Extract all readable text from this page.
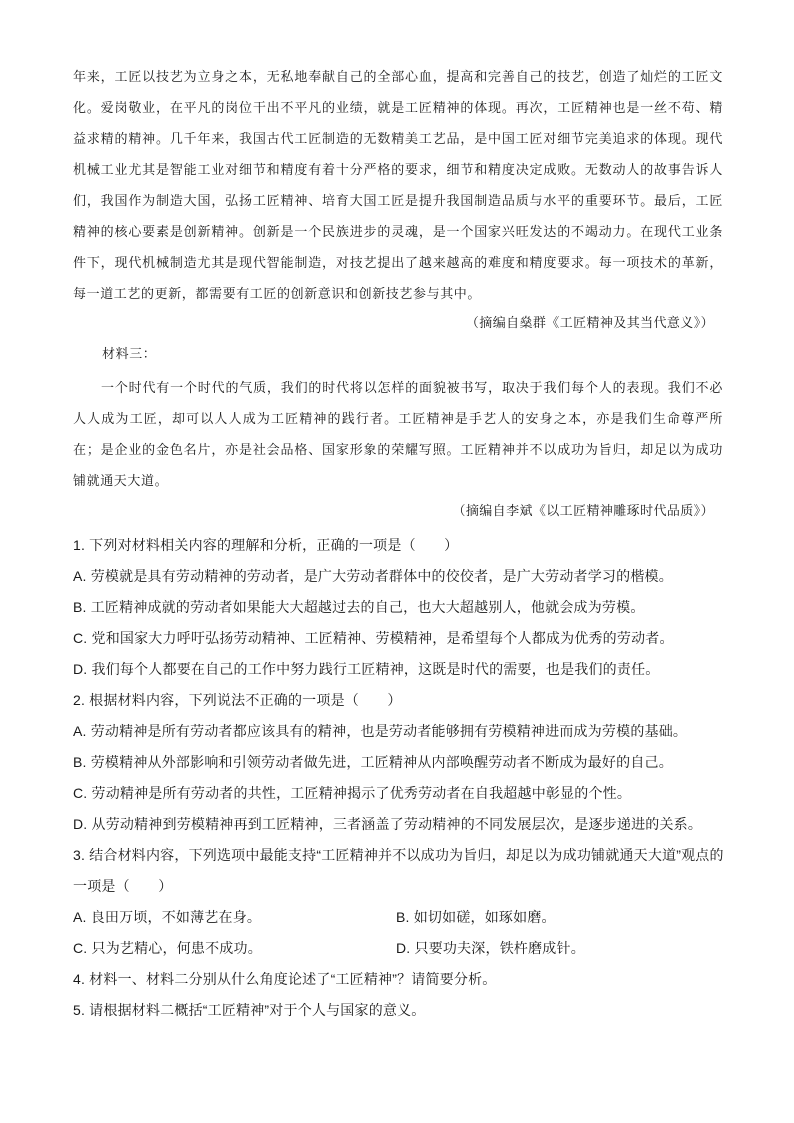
年来，工匠以技艺为立身之本，无私地奉献自己的全部心血，提高和完善自己的技艺，创造了灿烂的工匠文化。爱岗敬业，在平凡的岗位干出不平凡的业绩，就是工匠精神的体现。再次，工匠精神也是一丝不苟、精益求精的精神。几千年来，我国古代工匠制造的无数精美工艺品，是中国工匠对细节完美追求的体现。现代机械工业尤其是智能工业对细节和精度有着十分严格的要求，细节和精度决定成败。无数动人的故事告诉人们，我国作为制造大国，弘扬工匠精神、培育大国工匠是提升我国制造品质与水平的重要环节。最后，工匠精神的核心要素是创新精神。创新是一个民族进步的灵魂，是一个国家兴旺发达的不竭动力。在现代工业条件下，现代机械制造尤其是现代智能制造，对技艺提出了越来越高的难度和精度要求。每一项技术的革新，每一道工艺的更新，都需要有工匠的创新意识和创新技艺参与其中。

（摘编自燊群《工匠精神及其当代意义》）
材料三：

一个时代有一个时代的气质，我们的时代将以怎样的面貌被书写，取决于我们每个人的表现。我们不必人人成为工匠，却可以人人成为工匠精神的践行者。工匠精神是手艺人的安身之本，亦是我们生命尊严所在；是企业的金色名片，亦是社会品格、国家形象的荣耀写照。工匠精神并不以成功为旨归，却足以为成功铺就通天大道。

（摘编自李斌《以工匠精神雕琢时代品质》）
1. 下列对材料相关内容的理解和分析，正确的一项是（　　）
A. 劳模就是具有劳动精神的劳动者，是广大劳动者群体中的佼佼者，是广大劳动者学习的楷模。
B. 工匠精神成就的劳动者如果能大大超越过去的自己，也大大超越别人，他就会成为劳模。
C. 党和国家大力呼吁弘扬劳动精神、工匠精神、劳模精神，是希望每个人都成为优秀的劳动者。
D. 我们每个人都要在自己的工作中努力践行工匠精神，这既是时代的需要，也是我们的责任。
2. 根据材料内容，下列说法不正确的一项是（　　）
A. 劳动精神是所有劳动者都应该具有的精神，也是劳动者能够拥有劳模精神进而成为劳模的基础。
B. 劳模精神从外部影响和引领劳动者做先进，工匠精神从内部唤醒劳动者不断成为最好的自己。
C. 劳动精神是所有劳动者的共性，工匠精神揭示了优秀劳动者在自我超越中彰显的个性。
D. 从劳动精神到劳模精神再到工匠精神，三者涵盖了劳动精神的不同发展层次，是逐步递进的关系。
3. 结合材料内容，下列选项中最能支持“工匠精神并不以成功为旨归，却足以为成功铺就通天大道”观点的一项是（　　）
A. 良田万顷，不如薄艺在身。	B. 如切如磋，如琢如磨。
C. 只为艺精心，何患不成功。	D. 只要功夫深，铁杵磨成针。
4. 材料一、材料二分别从什么角度论述了“工匠精神”？请简要分析。
5. 请根据材料二概括“工匠精神”对于个人与国家的意义。
